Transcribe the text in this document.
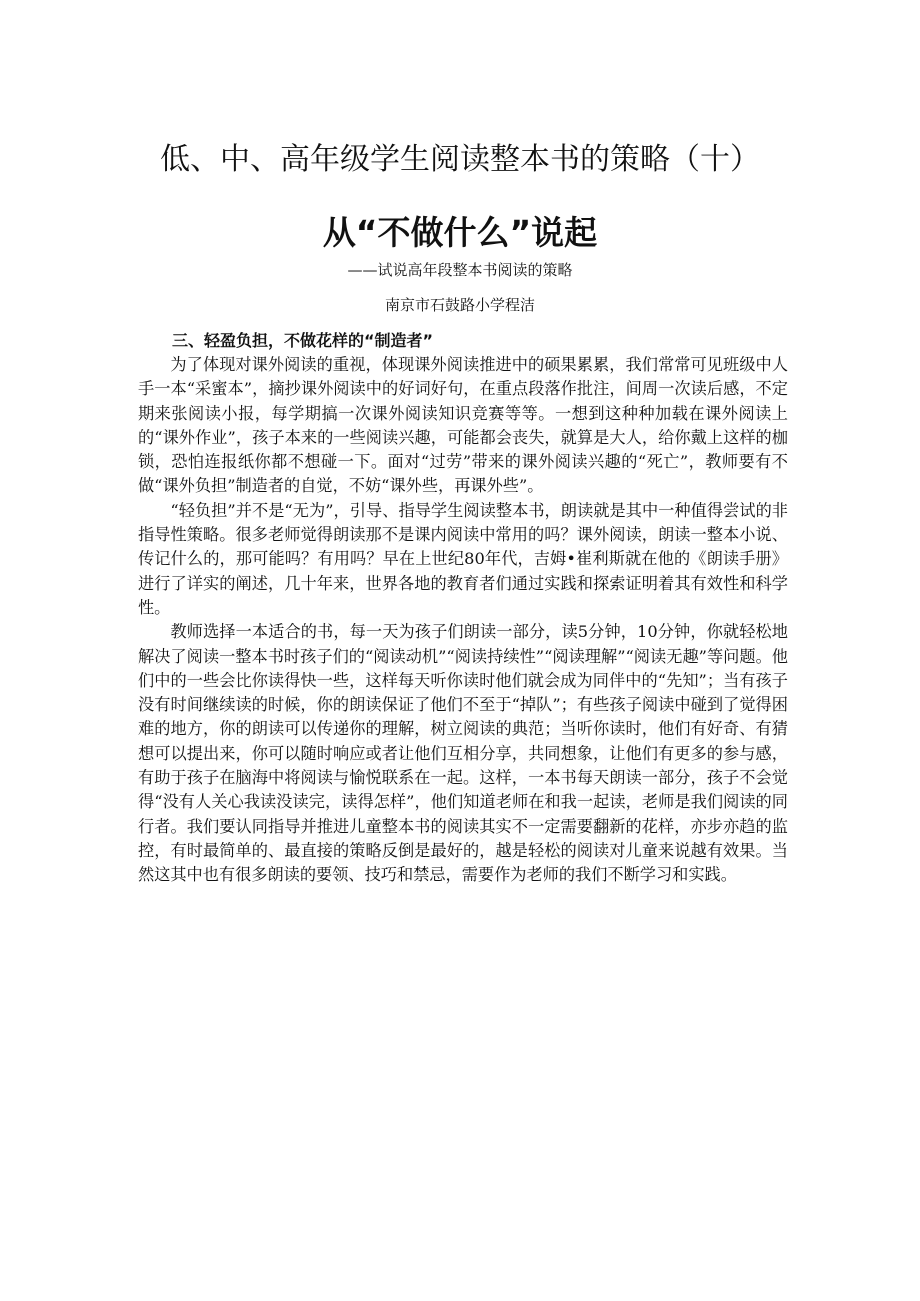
低、中、高年级学生阅读整本书的策略（十）
从“不做什么”说起

——试说高年段整本书阅读的策略

南京市石鼓路小学程洁

三、轻盈负担，不做花样的“制造者”

为了体现对课外阅读的重视，体现课外阅读推进中的硕果累累，我们常常可见班级中人手一本“采蜜本”，摘抄课外阅读中的好词好句，在重点段落作批注，间周一次读后感，不定期来张阅读小报，每学期搞一次课外阅读知识竞赛等等。一想到这种种加载在课外阅读上的“课外作业”，孩子本来的一些阅读兴趣，可能都会丧失，就算是大人，给你戴上这样的枷锁，恐怕连报纸你都不想碰一下。面对“过劳”带来的课外阅读兴趣的“死亡”，教师要有不做“课外负担”制造者的自觉，不妨“课外些，再课外些”。

“轻负担”并不是“无为”，引导、指导学生阅读整本书，朗读就是其中一种值得尝试的非指导性策略。很多老师觉得朗读那不是课内阅读中常用的吗？课外阅读，朗读一整本小说、传记什么的，那可能吗？有用吗？早在上世纪80年代，吉姆•崔利斯就在他的《朗读手册》进行了详实的阐述，几十年来，世界各地的教育者们通过实践和探索证明着其有效性和科学性。

教师选择一本适合的书，每一天为孩子们朗读一部分，读5分钟，10分钟，你就轻松地解决了阅读一整本书时孩子们的“阅读动机”“阅读持续性”“阅读理解”“阅读无趣”等问题。他们中的一些会比你读得快一些，这样每天听你读时他们就会成为同伴中的“先知”；当有孩子没有时间继续读的时候，你的朗读保证了他们不至于“掉队”；有些孩子阅读中碰到了觉得困难的地方，你的朗读可以传递你的理解，树立阅读的典范；当听你读时，他们有好奇、有猜想可以提出来，你可以随时响应或者让他们互相分享，共同想象，让他们有更多的参与感，有助于孩子在脑海中将阅读与愉悦联系在一起。这样，一本书每天朗读一部分，孩子不会觉得“没有人关心我读没读完，读得怎样”，他们知道老师在和我一起读，老师是我们阅读的同行者。我们要认同指导并推进儿童整本书的阅读其实不一定需要翻新的花样，亦步亦趋的监控，有时最简单的、最直接的策略反倒是最好的，越是轻松的阅读对儿童来说越有效果。当然这其中也有很多朗读的要领、技巧和禁忌，需要作为老师的我们不断学习和实践。
